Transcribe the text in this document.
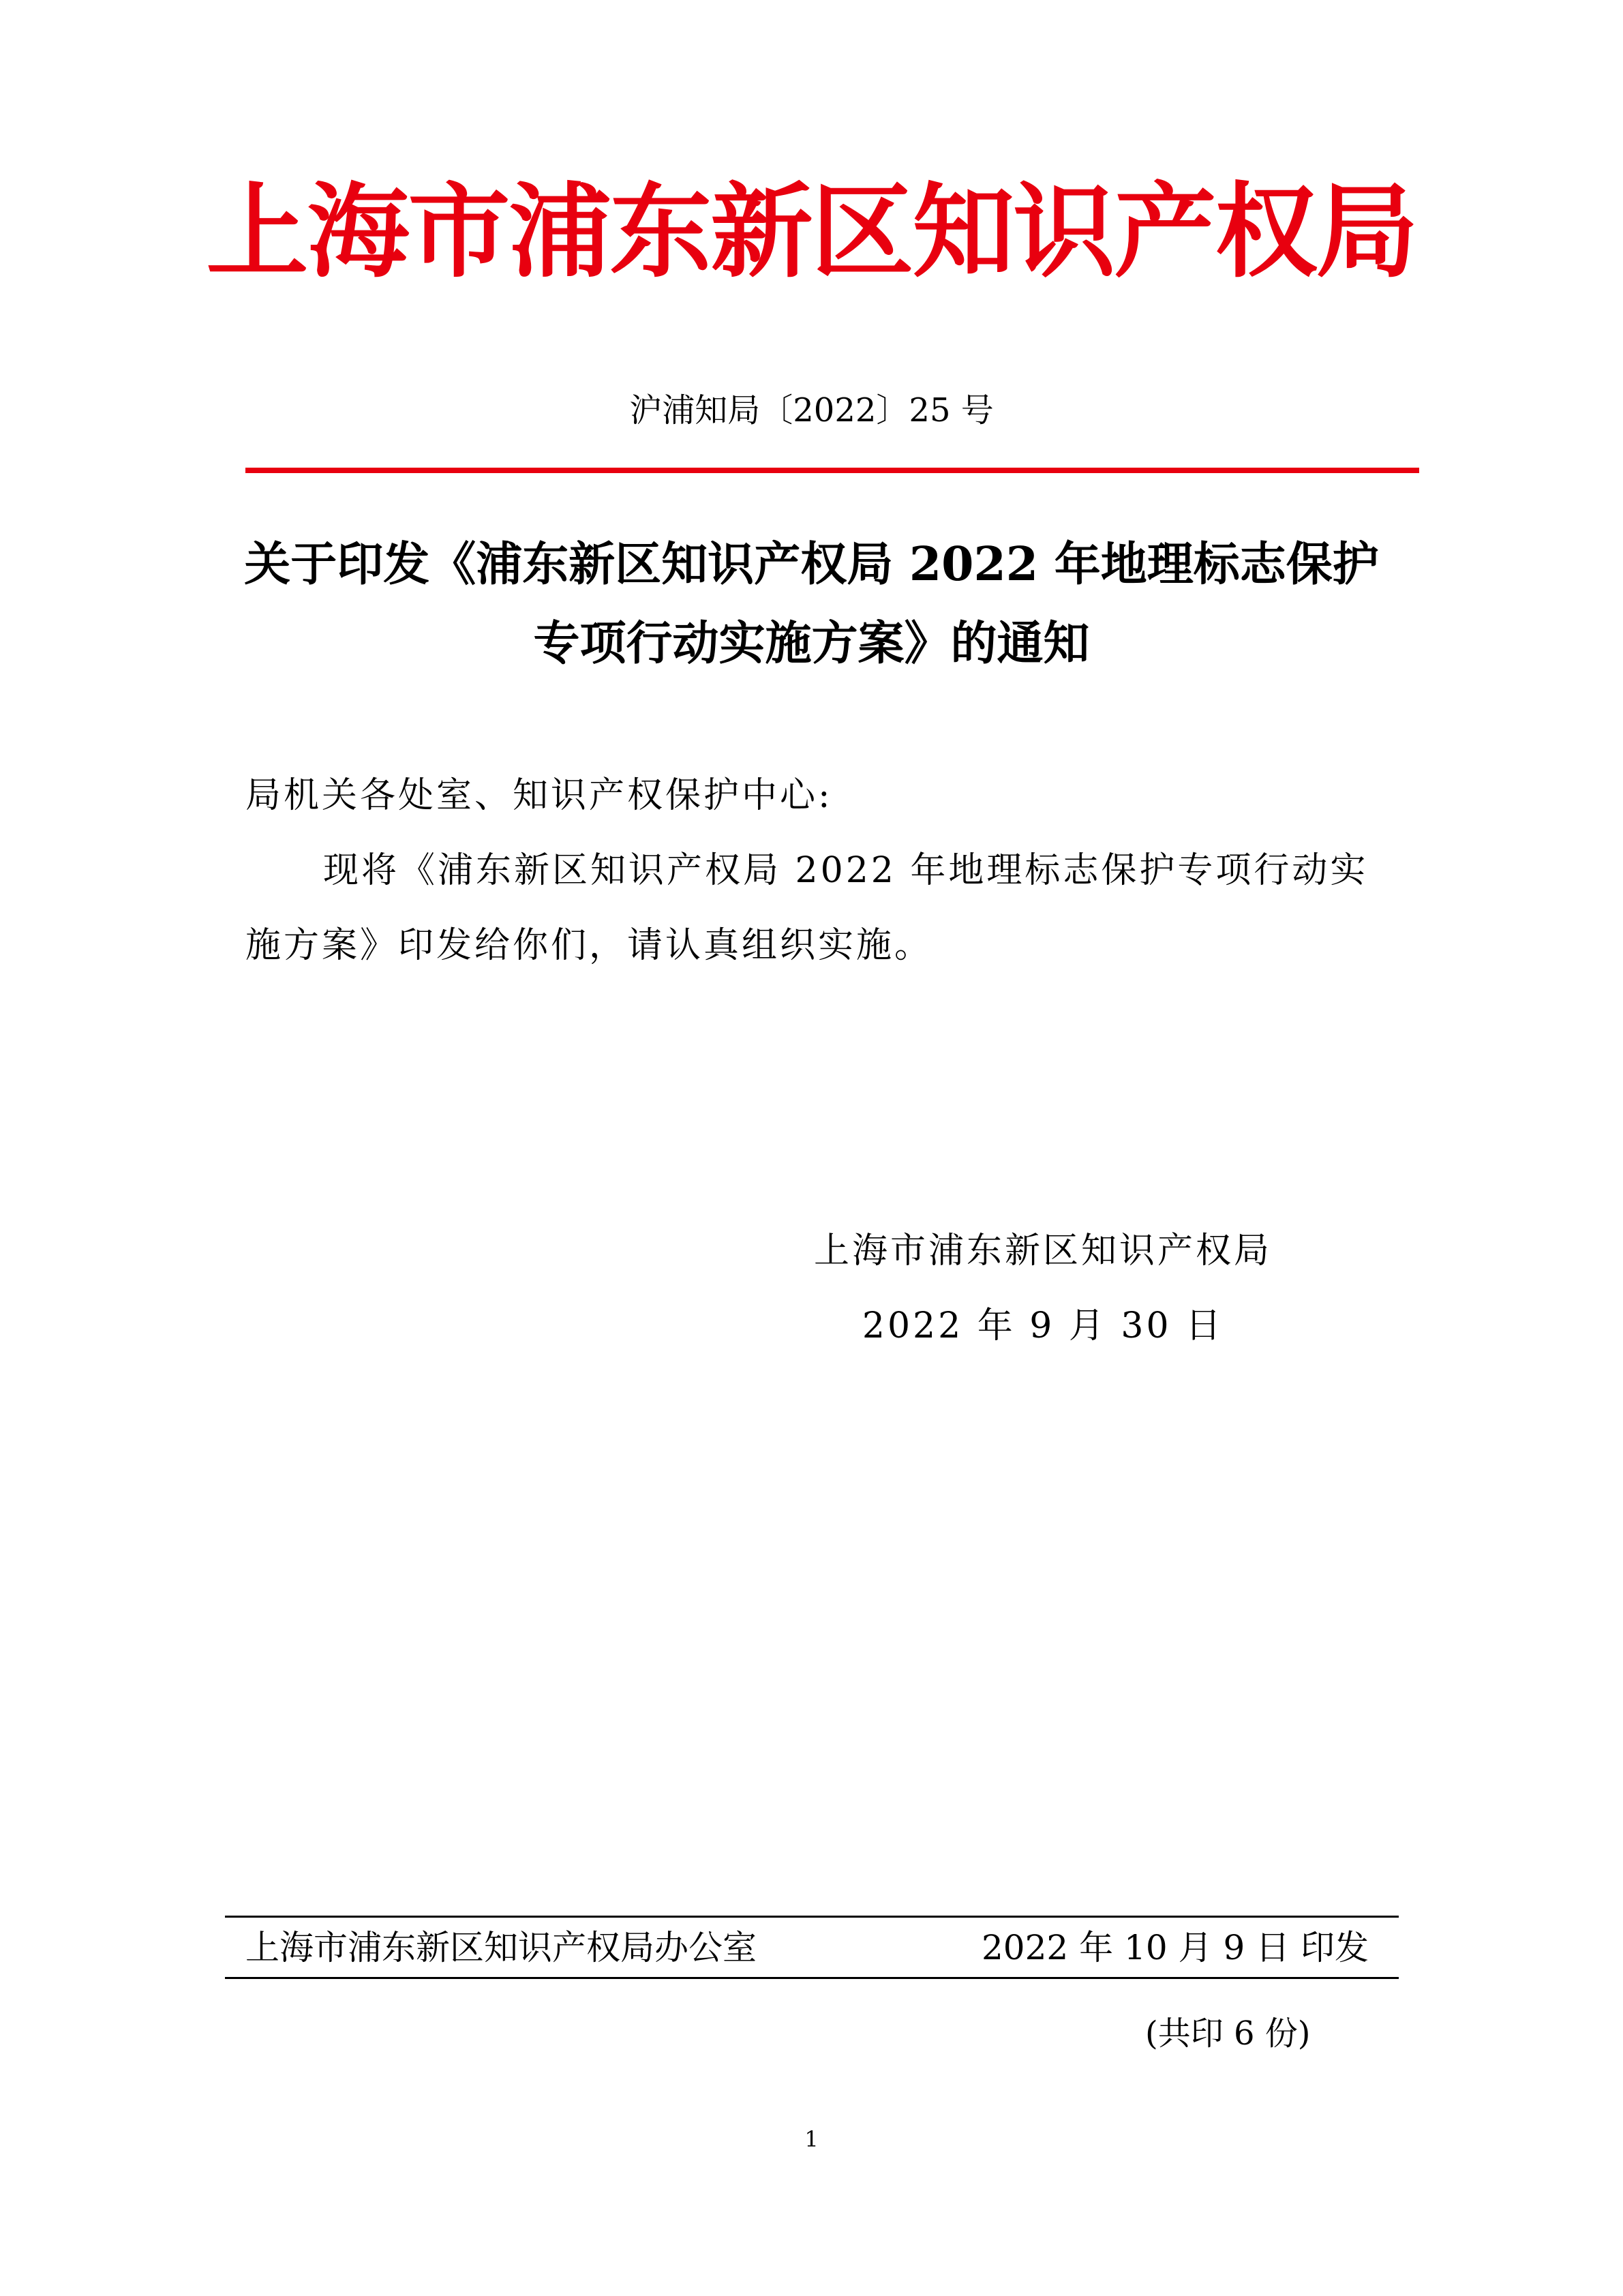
上海市浦东新区知识产权局
沪浦知局〔2022〕25 号
关于印发《浦东新区知识产权局 2022 年地理标志保护
专项行动实施方案》的通知
局机关各处室、知识产权保护中心:
现将《浦东新区知识产权局 2022 年地理标志保护专项行动实施方案》印发给你们，请认真组织实施。
上海市浦东新区知识产权局
2022 年 9 月 30 日
上海市浦东新区知识产权局办公室	2022 年 10 月 9 日 印发
(共印 6 份)
1
